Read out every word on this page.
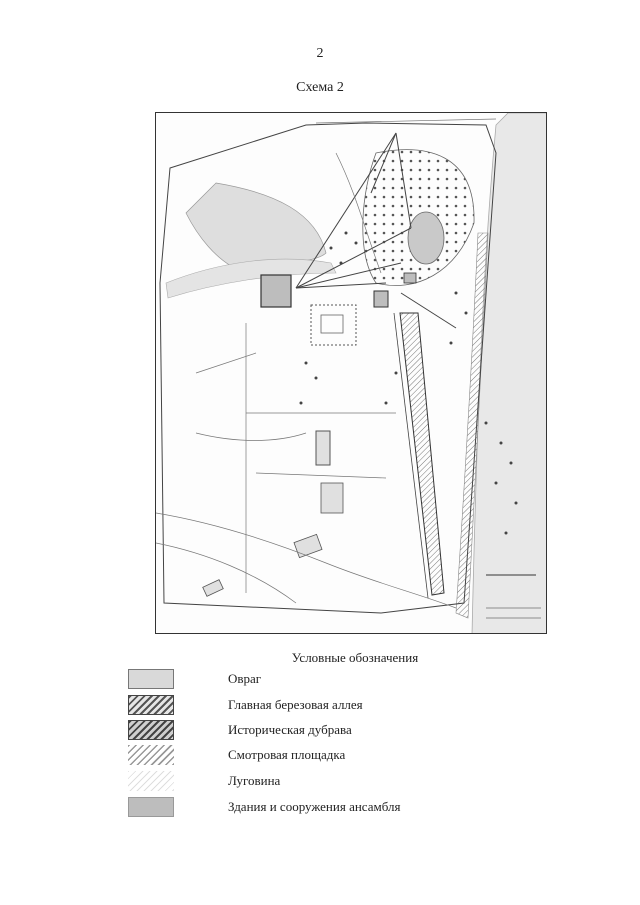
2
Схема 2
Условные обозначения
Овраг
Главная березовая аллея
Историческая дубрава
Смотровая площадка
Луговина
Здания и сооружения ансамбля
